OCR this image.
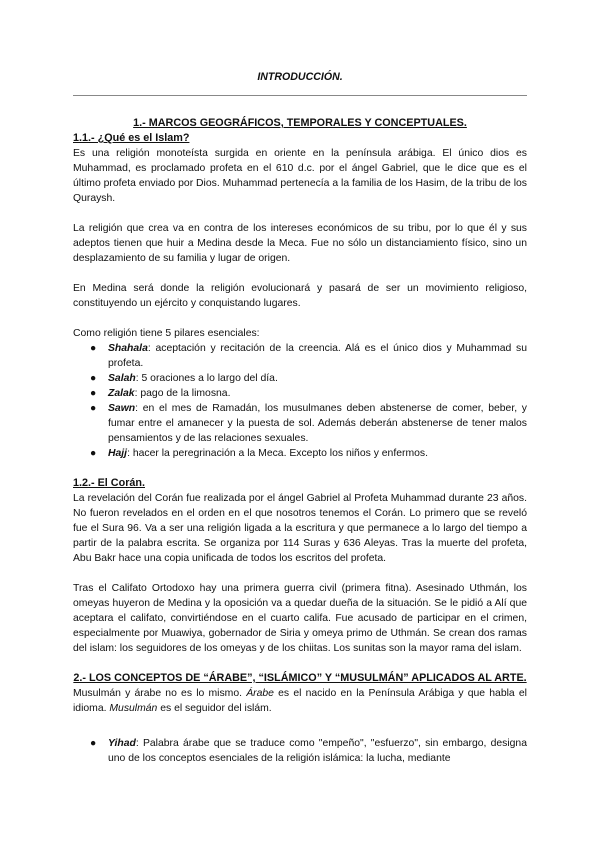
INTRODUCCIÓN.

1.- MARCOS GEOGRÁFICOS, TEMPORALES Y CONCEPTUALES.

1.1.- ¿Qué es el Islam?

Es una religión monoteísta surgida en oriente en la península arábiga. El único dios es Muhammad, es proclamado profeta en el 610 d.c. por el ángel Gabriel, que le dice que es el último profeta enviado por Dios. Muhammad pertenecía a la familia de los Hasim, de la tribu de los Quraysh.

La religión que crea va en contra de los intereses económicos de su tribu, por lo que él y sus adeptos tienen que huir a Medina desde la Meca. Fue no sólo un distanciamiento físico, sino un desplazamiento de su familia y lugar de origen.

En Medina será donde la religión evolucionará y pasará de ser un movimiento religioso, constituyendo un ejército y conquistando lugares.

Como religión tiene 5 pilares esenciales:

● Shahala: aceptación y recitación de la creencia. Alá es el único dios y Muhammad su profeta.
● Salah: 5 oraciones a lo largo del día.
● Zalak: pago de la limosna.
● Sawn: en el mes de Ramadán, los musulmanes deben abstenerse de comer, beber, y fumar entre el amanecer y la puesta de sol. Además deberán abstenerse de tener malos pensamientos y de las relaciones sexuales.
● Hajj: hacer la peregrinación a la Meca. Excepto los niños y enfermos.

1.2.- El Corán.

La revelación del Corán fue realizada por el ángel Gabriel al Profeta Muhammad durante 23 años. No fueron revelados en el orden en el que nosotros tenemos el Corán. Lo primero que se reveló fue el Sura 96. Va a ser una religión ligada a la escritura y que permanece a lo largo del tiempo a partir de la palabra escrita. Se organiza por 114 Suras y 636 Aleyas. Tras la muerte del profeta, Abu Bakr hace una copia unificada de todos los escritos del profeta.

Tras el Califato Ortodoxo hay una primera guerra civil (primera fitna). Asesinado Uthmán, los omeyas huyeron de Medina y la oposición va a quedar dueña de la situación. Se le pidió a Alí que aceptara el califato, convirtiéndose en el cuarto califa. Fue acusado de participar en el crimen, especialmente por Muawiya, gobernador de Siria y omeya primo de Uthmán. Se crean dos ramas del islam: los seguidores de los omeyas y de los chiitas. Los sunitas son la mayor rama del islam.

2.- LOS CONCEPTOS DE “ÁRABE”, “ISLÁMICO” Y “MUSULMÁN” APLICADOS AL ARTE.

Musulmán y árabe no es lo mismo. Árabe es el nacido en la Península Arábiga y que habla el idioma. Musulmán es el seguidor del islám.

● Yihad: Palabra árabe que se traduce como "empeño", "esfuerzo", sin embargo, designa uno de los conceptos esenciales de la religión islámica: la lucha, mediante
